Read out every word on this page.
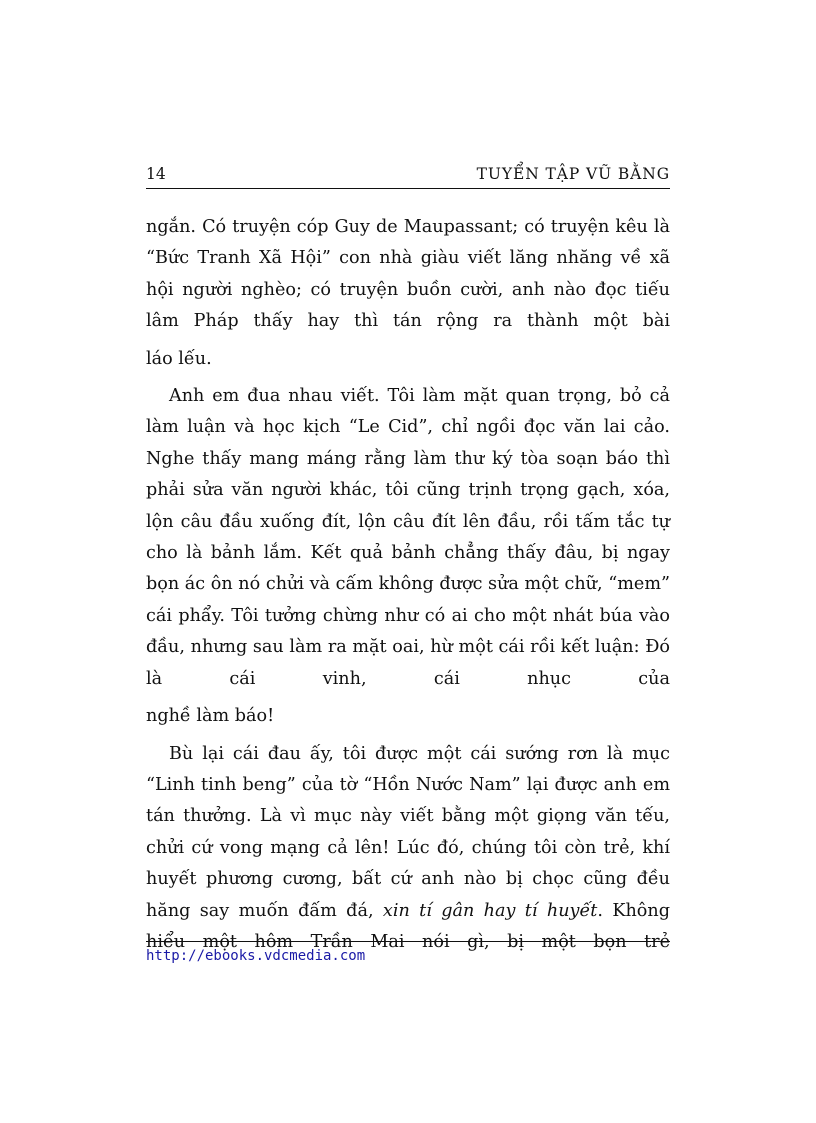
14	TUYỂN TẬP VŨ BẰNG

ngắn. Có truyện cóp Guy de Maupassant; có truyện kêu là “Bức Tranh Xã Hội” con nhà giàu viết lăng nhăng về xã hội người nghèo; có truyện buồn cười, anh nào đọc tiếu lâm Pháp thấy hay thì tán rộng ra thành một bài

láo lếu.

Anh em đua nhau viết. Tôi làm mặt quan trọng, bỏ cả làm luận và học kịch “Le Cid”, chỉ ngồi đọc văn lai cảo. Nghe thấy mang máng rằng làm thư ký tòa soạn báo thì phải sửa văn người khác, tôi cũng trịnh trọng gạch, xóa, lộn câu đầu xuống đít, lộn câu đít lên đầu, rồi tấm tắc tự cho là bảnh lắm. Kết quả bảnh chẳng thấy đâu, bị ngay bọn ác ôn nó chửi và cấm không được sửa một chữ, “mem” cái phẩy. Tôi tưởng chừng như có ai cho một nhát búa vào đầu, nhưng sau làm ra mặt oai, hừ một cái rồi kết luận: Đó là cái vinh, cái nhục của

nghề làm báo!

Bù lại cái đau ấy, tôi được một cái sướng rơn là mục “Linh tinh beng” của tờ “Hồn Nước Nam” lại được anh em tán thưởng. Là vì mục này viết bằng một giọng văn tếu, chửi cứ vong mạng cả lên! Lúc đó, chúng tôi còn trẻ, khí huyết phương cương, bất cứ anh nào bị chọc cũng đều hăng say muốn đấm đá, xin tí gân hay tí huyết. Không hiểu một hôm Trần Mai nói gì, bị một bọn trẻ

http://ebooks.vdcmedia.com
